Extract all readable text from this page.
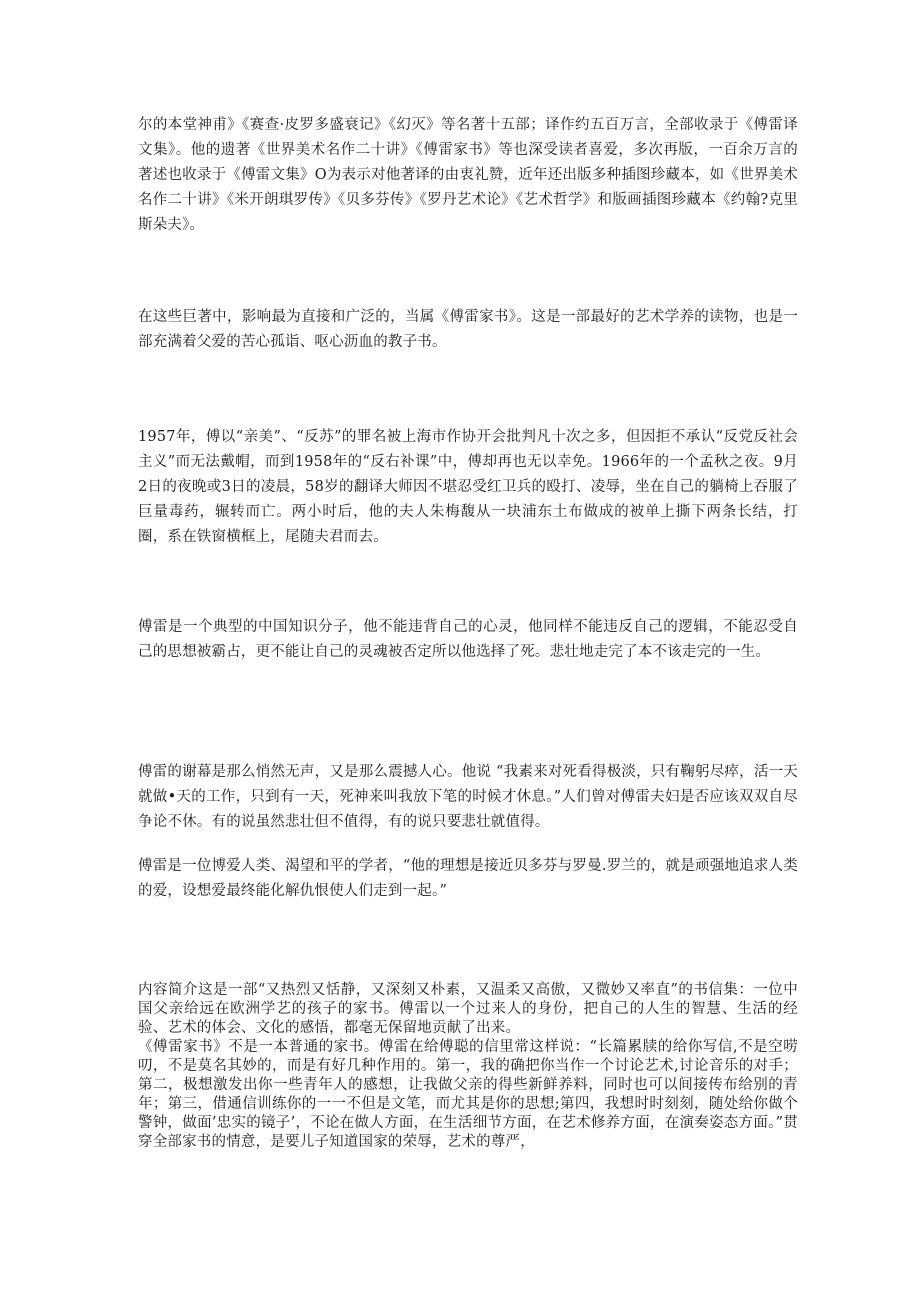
尔的本堂神甫》《赛查·皮罗多盛衰记》《幻灭》等名著十五部；译作约五百万言，全部收录于《傅雷译文集》。他的遗著《世界美术名作二十讲》《傅雷家书》等也深受读者喜爱，多次再版，一百余万言的著述也收录于《傅雷文集》O为表示对他著译的由衷礼赞，近年还出版多种插图珍藏本，如《世界美术名作二十讲》《米开朗琪罗传》《贝多芬传》《罗丹艺术论》《艺术哲学》和版画插图珍藏本《约翰?克里斯朵夫》。

在这些巨著中，影响最为直接和广泛的，当属《傅雷家书》。这是一部最好的艺术学养的读物，也是一部充满着父爱的苦心孤诣、呕心沥血的教子书。

1957年，傅以“亲美”、“反苏”的罪名被上海市作协开会批判凡十次之多，但因拒不承认“反党反社会主义”而无法戴帽，而到1958年的“反右补课”中，傅却再也无以幸免。1966年的一个孟秋之夜。9月2日的夜晚或3日的凌晨，58岁的翻译大师因不堪忍受红卫兵的殴打、凌辱，坐在自己的躺椅上吞服了巨量毒药，辗转而亡。两小时后，他的夫人朱梅馥从一块浦东土布做成的被单上撕下两条长结，打圈，系在铁窗横框上，尾随夫君而去。

傅雷是一个典型的中国知识分子，他不能违背自己的心灵，他同样不能违反自己的逻辑，不能忍受自己的思想被霸占，更不能让自己的灵魂被否定所以他选择了死。悲壮地走完了本不该走完的一生。

傅雷的谢幕是那么悄然无声，又是那么震撼人心。他说 “我素来对死看得极淡，只有鞠躬尽瘁，活一天就做•天的工作，只到有一天，死神来叫我放下笔的时候才休息。”人们曾对傅雷夫妇是否应该双双自尽争论不休。有的说虽然悲壮但不值得，有的说只要悲壮就值得。

傅雷是一位博爱人类、渴望和平的学者，“他的理想是接近贝多芬与罗曼.罗兰的，就是顽强地追求人类的爱，设想爱最终能化解仇恨使人们走到一起。”

内容简介这是一部“又热烈又恬静，又深刻又朴素，又温柔又高傲，又微妙又率直”的书信集：一位中国父亲给远在欧洲学艺的孩子的家书。傅雷以一个过来人的身份，把自己的人生的智慧、生活的经验、艺术的体会、文化的感悟，都毫无保留地贡献了出来。
《傅雷家书》不是一本普通的家书。傅雷在给傅聪的信里常这样说：“长篇累牍的给你写信,不是空唠叨，不是莫名其妙的，而是有好几种作用的。第一，我的确把你当作一个讨论艺术,讨论音乐的对手；第二，极想激发出你一些青年人的感想，让我做父亲的得些新鲜养料，同时也可以间接传布给别的青年；第三，借通信训练你的一一不但是文笔，而尤其是你的思想;第四，我想时时刻刻，随处给你做个警钟，做面’忠实的镜子’，不论在做人方面，在生活细节方面，在艺术修养方面，在演奏姿态方面。”贯穿全部家书的情意，是要儿子知道国家的荣辱，艺术的尊严，
